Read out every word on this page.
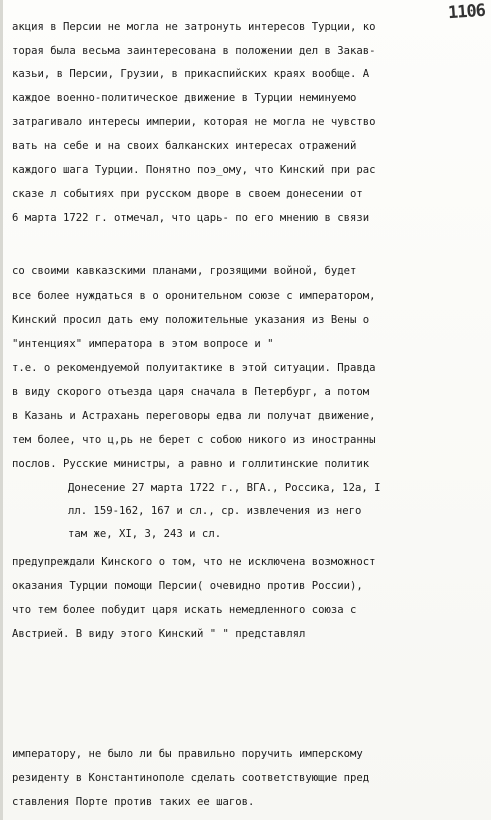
1106
акция в Персии не могла не затронуть интересов Турции, ко
торая была весьма заинтересована в положении дел в Закав-
казьи, в Персии, Грузии, в прикаспийских краях вообще. А
каждое военно-политическое движение в Турции неминуемо
затрагивало интересы империи, которая не могла не чувство
вать на себе и на своих балканских интересах отражений
каждого шага Турции. Понятно поэ_ому, что Кинский при рас
сказе л событиях при русском дворе в своем донесении от
6 марта 1722 г. отмечал, что царь- по его мнению в связи
со своими кавказскими планами, грозящими войной, будет
все более нуждаться в о оронительном союзе с императором,
Кинский просил дать ему положительные указания из Вены о
"интенциях" императора в этом вопросе и "
т.е. о рекомендуемой полуитактике в этой ситуации. Правда
в виду скорого отъезда царя сначала в Петербург, а потом
в Казань и Астрахань переговоры едва ли получат движение,
тем более, что ц,рь не берет с собою никого из иностранны
послов. Русские министры, а равно и голлитинские политик
Донесение 27 марта 1722 г., ВГА., Россика, 12а, I
лл. 159-162, 167 и сл., ср. извлечения из него
там же, XI, 3, 243 и сл.
предупреждали Кинского о том, что не исключена возможност
оказания Турции помощи Персии( очевидно против России),
что тем более побудит царя искать немедленного союза с
Австрией. В виду этого Кинский " " представлял
императору, не было ли бы правильно поручить имперскому
резиденту в Константинополе сделать соответствующие пред
ставления Порте против таких ее шагов.
